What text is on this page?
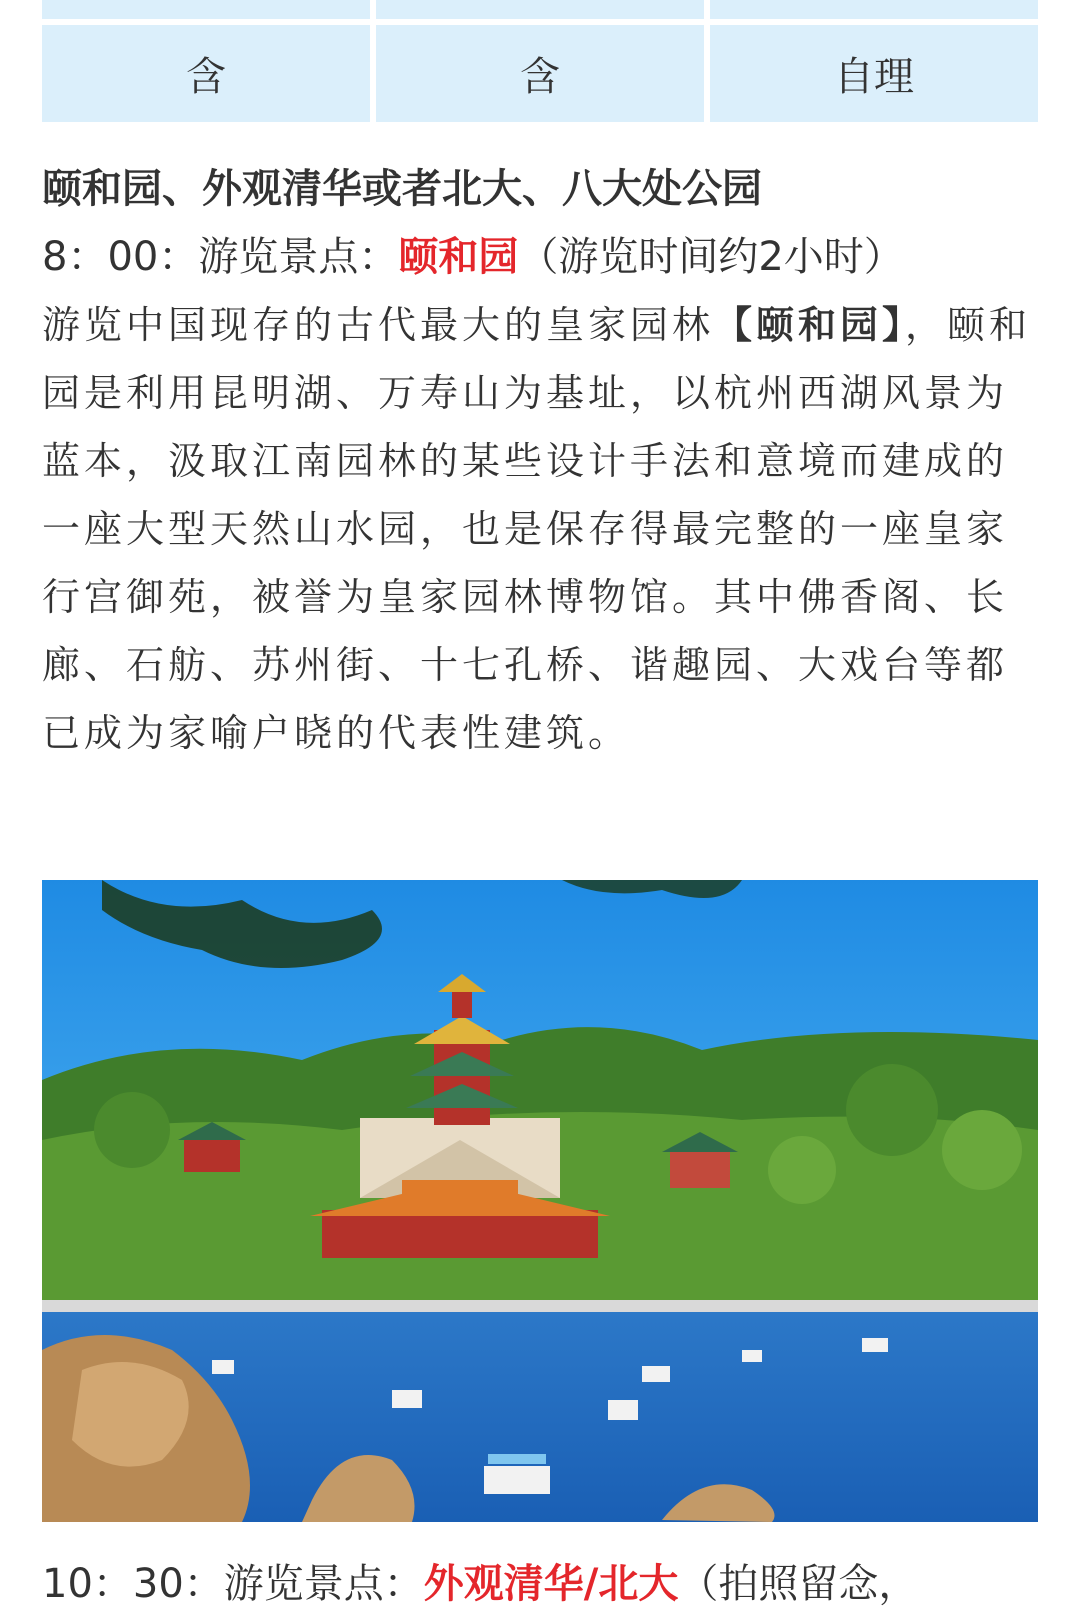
含	含	自理
颐和园、外观清华或者北大、八大处公园
8：00：游览景点：颐和园（游览时间约2小时）
游览中国现存的古代最大的皇家园林【颐和园】，颐和园是利用昆明湖、万寿山为基址，以杭州西湖风景为蓝本，汲取江南园林的某些设计手法和意境而建成的一座大型天然山水园，也是保存得最完整的一座皇家行宫御苑，被誉为皇家园林博物馆。其中佛香阁、长廊、石舫、苏州街、十七孔桥、谐趣园、大戏台等都已成为家喻户晓的代表性建筑。
10：30：游览景点：外观清华/北大（拍照留念，
